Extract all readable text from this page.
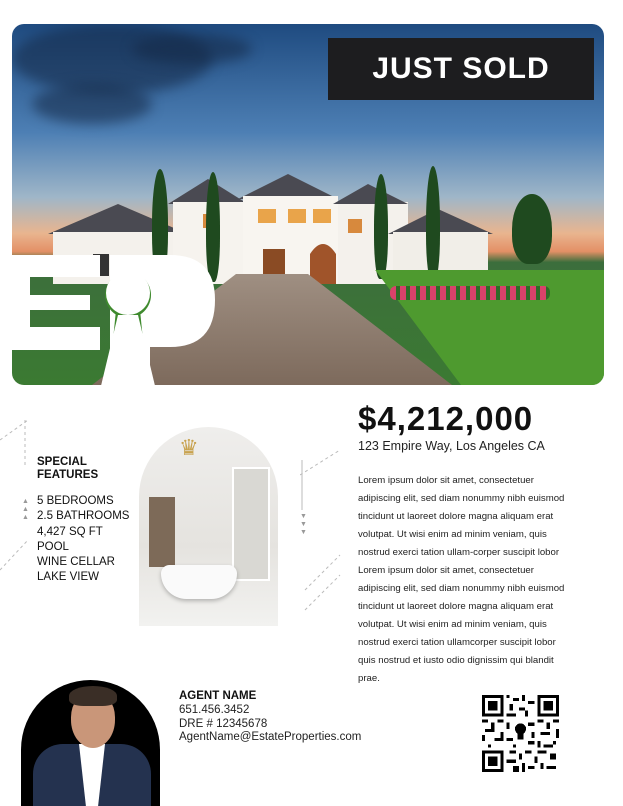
JUST SOLD
$4,212,000
123 Empire Way, Los Angeles CA
Lorem ipsum dolor sit amet, consectetuer adipiscing elit, sed diam nonummy nibh euismod tincidunt ut laoreet dolore magna aliquam erat volutpat. Ut wisi enim ad minim veniam, quis nostrud exerci tation ullam-corper suscipit lobor Lorem ipsum dolor sit amet, consectetuer adipiscing elit, sed diam nonummy nibh euismod tincidunt ut laoreet dolore magna aliquam erat volutpat. Ut wisi enim ad minim veniam, quis nostrud exerci tation ullamcorper suscipit lobor quis nostrud et iusto odio dignissim qui blandit prae.
SPECIAL
FEATURES
▲
▲
▲
5 BEDROOMS
2.5 BATHROOMS
4,427 SQ FT
POOL
WINE CELLAR
LAKE VIEW
▼
▼
▼
♛
AGENT NAME
651.456.3452
DRE # 12345678
AgentName@EstateProperties.com
